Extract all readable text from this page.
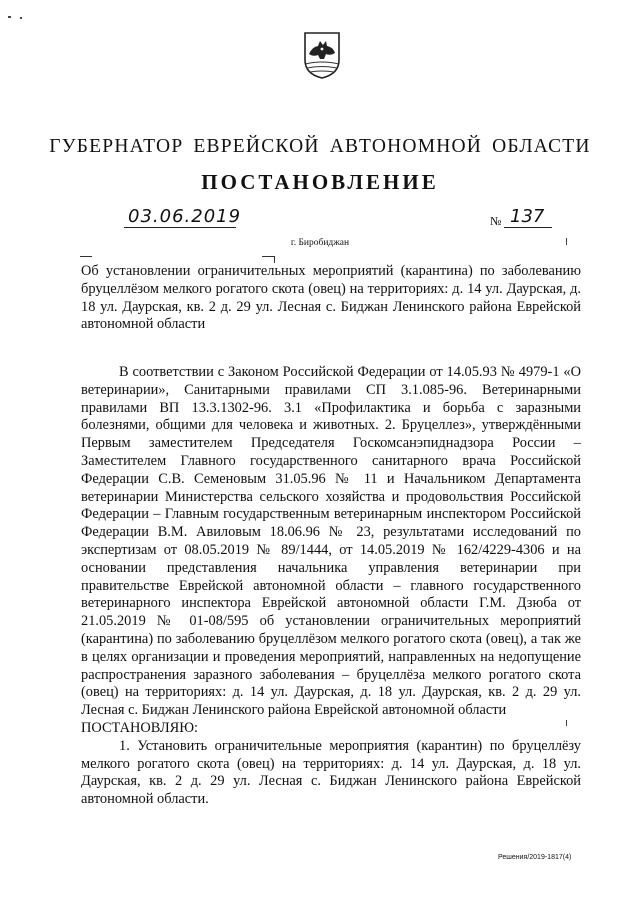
ГУБЕРНАТОР ЕВРЕЙСКОЙ АВТОНОМНОЙ ОБЛАСТИ
ПОСТАНОВЛЕНИЕ
03.06.2019	№ 137
г. Биробиджан
Об установлении ограничительных мероприятий (карантина) по заболеванию бруцеллёзом мелкого рогатого скота (овец) на территориях: д. 14 ул. Даурская, д. 18 ул. Даурская, кв. 2 д. 29 ул. Лесная с. Биджан Ленинского района Еврейской автономной области

В соответствии с Законом Российской Федерации от 14.05.93 № 4979-1 «О ветеринарии», Санитарными правилами СП 3.1.085-96. Ветеринарными правилами ВП 13.3.1302-96. 3.1 «Профилактика и борьба с заразными болезнями, общими для человека и животных. 2. Бруцеллез», утверждёнными Первым заместителем Председателя Госкомсанэпиднадзора России – Заместителем Главного государственного санитарного врача Российской Федерации С.В. Семеновым 31.05.96 № 11 и Начальником Департамента ветеринарии Министерства сельского хозяйства и продовольствия Российской Федерации – Главным государственным ветеринарным инспектором Российской Федерации В.М. Авиловым 18.06.96 № 23, результатами исследований по экспертизам от 08.05.2019 № 89/1444, от 14.05.2019 № 162/4229-4306 и на основании представления начальника управления ветеринарии при правительстве Еврейской автономной области – главного государственного ветеринарного инспектора Еврейской автономной области Г.М. Дзюба от 21.05.2019 № 01-08/595 об установлении ограничительных мероприятий (карантина) по заболеванию бруцеллёзом мелкого рогатого скота (овец), а так же в целях организации и проведения мероприятий, направленных на недопущение распространения заразного заболевания – бруцеллёза мелкого рогатого скота (овец) на территориях: д. 14 ул. Даурская, д. 18 ул. Даурская, кв. 2 д. 29 ул. Лесная с. Биджан Ленинского района Еврейской автономной области

ПОСТАНОВЛЯЮ:

1. Установить ограничительные мероприятия (карантин) по бруцеллёзу мелкого рогатого скота (овец) на территориях: д. 14 ул. Даурская, д. 18 ул. Даурская, кв. 2 д. 29 ул. Лесная с. Биджан Ленинского района Еврейской автономной области.

Решения/2019-1817(4)
